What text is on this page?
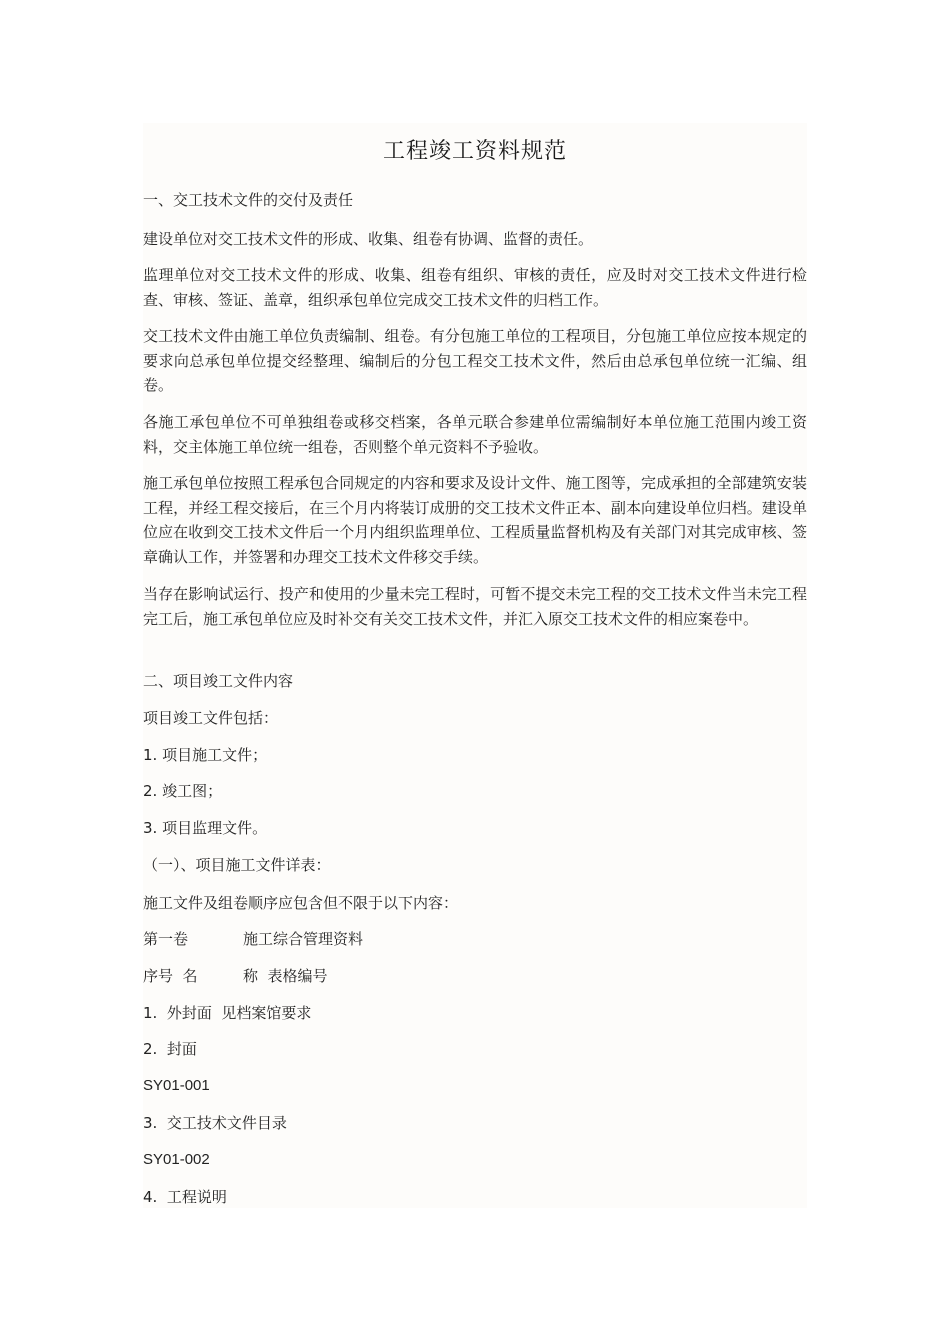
工程竣工资料规范
一、交工技术文件的交付及责任
建设单位对交工技术文件的形成、收集、组卷有协调、监督的责任。
监理单位对交工技术文件的形成、收集、组卷有组织、审核的责任，应及时对交工技术文件进行检查、审核、签证、盖章，组织承包单位完成交工技术文件的归档工作。
交工技术文件由施工单位负责编制、组卷。有分包施工单位的工程项目，分包施工单位应按本规定的要求向总承包单位提交经整理、编制后的分包工程交工技术文件，然后由总承包单位统一汇编、组卷。
各施工承包单位不可单独组卷或移交档案，各单元联合参建单位需编制好本单位施工范围内竣工资料，交主体施工单位统一组卷，否则整个单元资料不予验收。
施工承包单位按照工程承包合同规定的内容和要求及设计文件、施工图等，完成承担的全部建筑安装工程，并经工程交接后，在三个月内将装订成册的交工技术文件正本、副本向建设单位归档。建设单位应在收到交工技术文件后一个月内组织监理单位、工程质量监督机构及有关部门对其完成审核、签章确认工作，并签署和办理交工技术文件移交手续。
当存在影响试运行、投产和使用的少量未完工程时，可暂不提交未完工程的交工技术文件当未完工程完工后，施工承包单位应及时补交有关交工技术文件，并汇入原交工技术文件的相应案卷中。
二、项目竣工文件内容
项目竣工文件包括：
1. 项目施工文件；
2. 竣工图；
3. 项目监理文件。
（一）、项目施工文件详表：
施工文件及组卷顺序应包含但不限于以下内容：
第一卷	施工综合管理资料
序号  名	称  表格编号
1.  外封面  见档案馆要求
2.  封面
SY01-001
3.  交工技术文件目录
SY01-002
4.  工程说明
